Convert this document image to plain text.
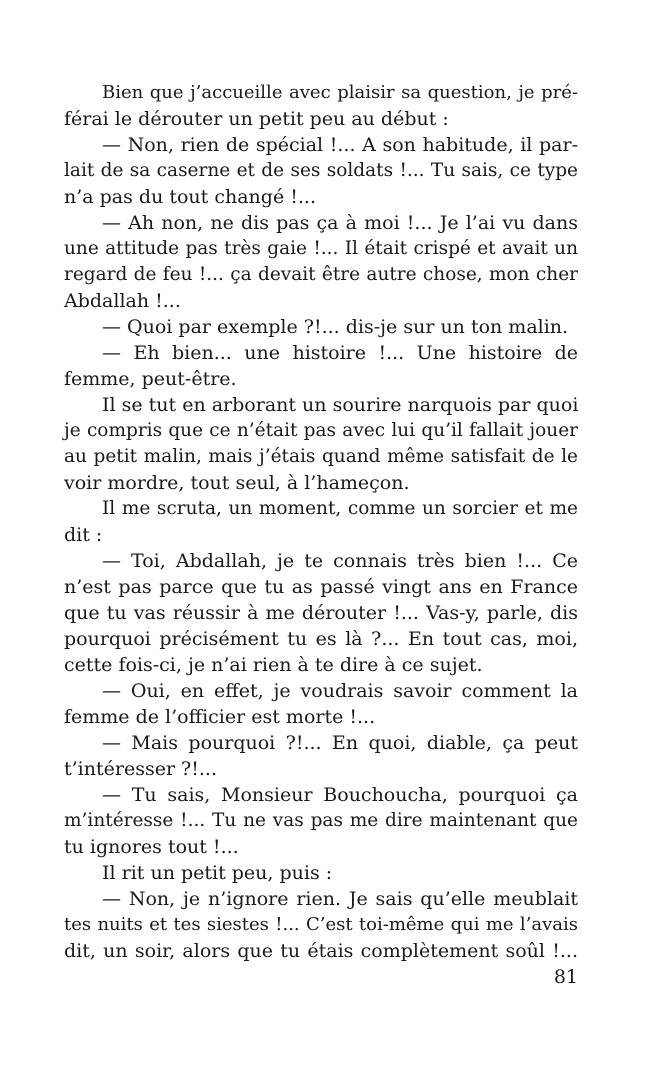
Bien que j’accueille avec plaisir sa question, je pré-
férai le dérouter un petit peu au début :
— Non, rien de spécial !... A son habitude, il par-
lait de sa caserne et de ses soldats !... Tu sais, ce type
n’a pas du tout changé !...
— Ah non, ne dis pas ça à moi !... Je l’ai vu dans
une attitude pas très gaie !... Il était crispé et avait un
regard de feu !... ça devait être autre chose, mon cher
Abdallah !...
— Quoi par exemple ?!... dis-je sur un ton malin.
— Eh bien... une histoire !... Une histoire de
femme, peut-être.
Il se tut en arborant un sourire narquois par quoi
je compris que ce n’était pas avec lui qu’il fallait jouer
au petit malin, mais j’étais quand même satisfait de le
voir mordre, tout seul, à l’hameçon.
Il me scruta, un moment, comme un sorcier et me
dit :
— Toi, Abdallah, je te connais très bien !... Ce
n’est pas parce que tu as passé vingt ans en France
que tu vas réussir à me dérouter !... Vas-y, parle, dis
pourquoi précisément tu es là ?... En tout cas, moi,
cette fois-ci, je n’ai rien à te dire à ce sujet.
— Oui, en effet, je voudrais savoir comment la
femme de l’officier est morte !...
— Mais pourquoi ?!... En quoi, diable, ça peut
t’intéresser ?!...
— Tu sais, Monsieur Bouchoucha, pourquoi ça
m’intéresse !... Tu ne vas pas me dire maintenant que
tu ignores tout !...
Il rit un petit peu, puis :
— Non, je n’ignore rien. Je sais qu’elle meublait
tes nuits et tes siestes !... C’est toi-même qui me l’avais
dit, un soir, alors que tu étais complètement soûl !...
81
